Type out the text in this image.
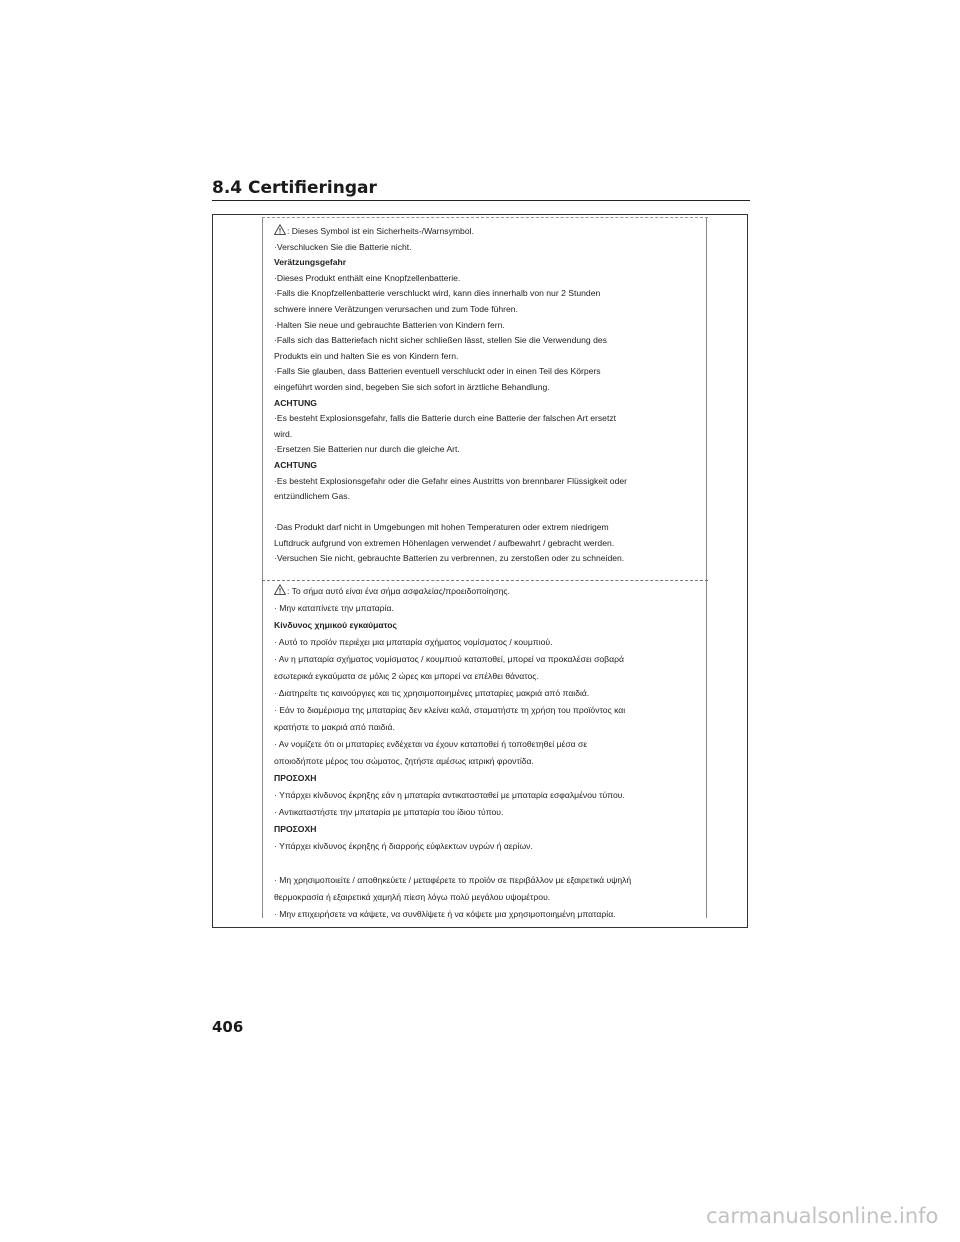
8.4 Certifieringar
: Dieses Symbol ist ein Sicherheits-/Warnsymbol.
·Verschlucken Sie die Batterie nicht.
Verätzungsgefahr
·Dieses Produkt enthält eine Knopfzellenbatterie.
·Falls die Knopfzellenbatterie verschluckt wird, kann dies innerhalb von nur 2 Stunden
schwere innere Verätzungen verursachen und zum Tode führen.
·Halten Sie neue und gebrauchte Batterien von Kindern fern.
·Falls sich das Batteriefach nicht sicher schließen lässt, stellen Sie die Verwendung des
Produkts ein und halten Sie es von Kindern fern.
·Falls Sie glauben, dass Batterien eventuell verschluckt oder in einen Teil des Körpers
eingeführt worden sind, begeben Sie sich sofort in ärztliche Behandlung.
ACHTUNG
·Es besteht Explosionsgefahr, falls die Batterie durch eine Batterie der falschen Art ersetzt
wird.
·Ersetzen Sie Batterien nur durch die gleiche Art.
ACHTUNG
·Es besteht Explosionsgefahr oder die Gefahr eines Austritts von brennbarer Flüssigkeit oder
entzündlichem Gas.
·Das Produkt darf nicht in Umgebungen mit hohen Temperaturen oder extrem niedrigem
Luftdruck aufgrund von extremen Höhenlagen verwendet / aufbewahrt / gebracht werden.
·Versuchen Sie nicht, gebrauchte Batterien zu verbrennen, zu zerstoßen oder zu schneiden.
: Το σήμα αυτό είναι ένα σήμα ασφαλείας/προειδοποίησης.
· Μην καταπίνετε την μπαταρία.
Κίνδυνος χημικού εγκαύματος
· Αυτό το προϊόν περιέχει μια μπαταρία σχήματος νομίσματος / κουμπιού.
· Αν η μπαταρία σχήματος νομίσματος / κουμπιού καταποθεί, μπορεί να προκαλέσει σοβαρά
εσωτερικά εγκαύματα σε μόλις 2 ώρες και μπορεί να επέλθει θάνατος.
· Διατηρείτε τις καινούργιες και τις χρησιμοποιημένες μπαταρίες μακριά από παιδιά.
· Εάν το διαμέρισμα της μπαταρίας δεν κλείνει καλά, σταματήστε τη χρήση του προϊόντος και
κρατήστε το μακριά από παιδιά.
· Αν νομίζετε ότι οι μπαταρίες ενδέχεται να έχουν καταποθεί ή τοποθετηθεί μέσα σε
οποιοδήποτε μέρος του σώματος, ζητήστε αμέσως ιατρική φροντίδα.
ΠΡΟΣΟΧΗ
· Υπάρχει κίνδυνος έκρηξης εάν η μπαταρία αντικατασταθεί με μπαταρία εσφαλμένου τύπου.
· Αντικαταστήστε την μπαταρία με μπαταρία του ίδιου τύπου.
ΠΡΟΣΟΧΗ
· Υπάρχει κίνδυνος έκρηξης ή διαρροής εύφλεκτων υγρών ή αερίων.
· Μη χρησιμοποιείτε / αποθηκεύετε / μεταφέρετε το προϊόν σε περιβάλλον με εξαιρετικά υψηλή
θερμοκρασία ή εξαιρετικά χαμηλή πίεση λόγω πολύ μεγάλου υψομέτρου.
· Μην επιχειρήσετε να κάψετε, να συνθλίψετε ή να κόψετε μια χρησιμοποιημένη μπαταρία.
406
carmanualsonline.info
